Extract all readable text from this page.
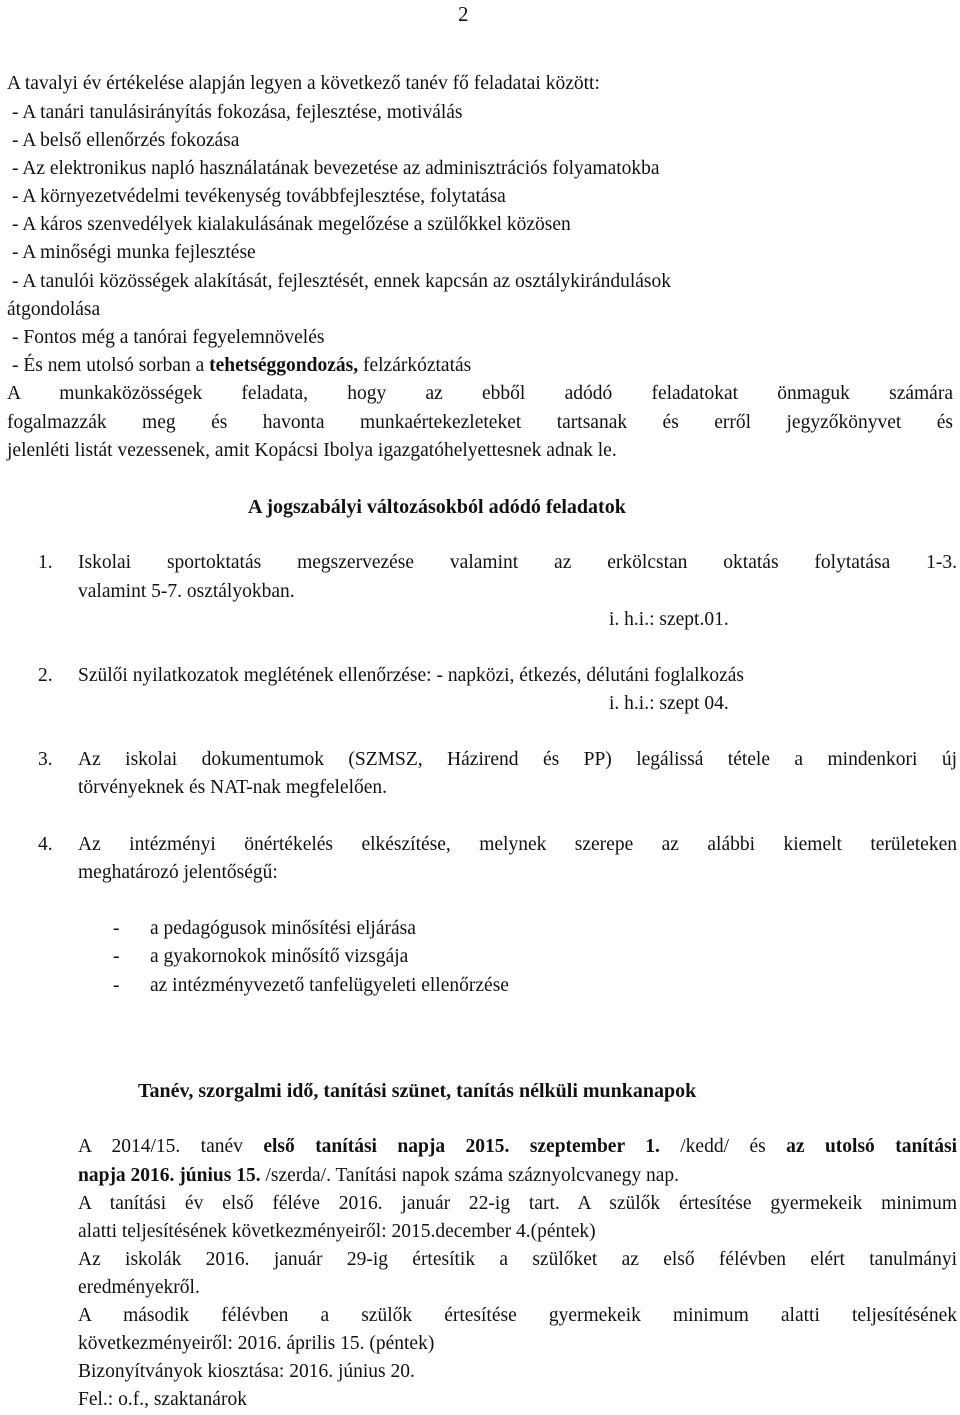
2
A tavalyi év értékelése alapján legyen a következő tanév fő feladatai között:
- A tanári tanulásirányítás fokozása, fejlesztése, motiválás
- A belső ellenőrzés fokozása
- Az elektronikus napló használatának bevezetése az adminisztrációs folyamatokba
- A környezetvédelmi tevékenység továbbfejlesztése, folytatása
- A káros szenvedélyek kialakulásának megelőzése a szülőkkel közösen
- A minőségi munka fejlesztése
- A tanulói közösségek alakítását, fejlesztését, ennek kapcsán az osztálykirándulások
átgondolása
- Fontos még a tanórai fegyelemnövelés
- És nem utolsó sorban a tehetséggondozás, felzárkóztatás
A munkaközösségek feladata, hogy az ebből adódó feladatokat önmaguk számára
fogalmazzák meg és havonta munkaértekezleteket tartsanak és erről jegyzőkönyvet és
jelenléti listát vezessenek, amit Kopácsi Ibolya igazgatóhelyettesnek adnak le.
A jogszabályi változásokból adódó feladatok
1. Iskolai sportoktatás megszervezése valamint az erkölcstan oktatás folytatása 1-3.
valamint 5-7. osztályokban.
i. h.i.: szept.01.
2. Szülői nyilatkozatok meglétének ellenőrzése: - napközi, étkezés, délutáni foglalkozás
i. h.i.: szept 04.
3. Az iskolai dokumentumok (SZMSZ, Házirend és PP) legálissá tétele a mindenkori új
törvényeknek és NAT-nak megfelelően.
4. Az intézményi önértékelés elkészítése, melynek szerepe az alábbi kiemelt területeken
meghatározó jelentőségű:
- a pedagógusok minősítési eljárása
- a gyakornokok minősítő vizsgája
- az intézményvezető tanfelügyeleti ellenőrzése
Tanév, szorgalmi idő, tanítási szünet, tanítás nélküli munkanapok
A 2014/15. tanév első tanítási napja 2015. szeptember 1. /kedd/ és az utolsó tanítási
napja 2016. június 15. /szerda/. Tanítási napok száma száznyolcvanegy nap.
A tanítási év első féléve 2016. január 22-ig tart. A szülők értesítése gyermekeik minimum
alatti teljesítésének következményeiről: 2015.december 4.(péntek)
Az iskolák 2016. január 29-ig értesítik a szülőket az első félévben elért tanulmányi
eredményekről.
A második félévben a szülők értesítése gyermekeik minimum alatti teljesítésének
következményeiről: 2016. április 15. (péntek)
Bizonyítványok kiosztása: 2016. június 20.
Fel.: o.f., szaktanárok
